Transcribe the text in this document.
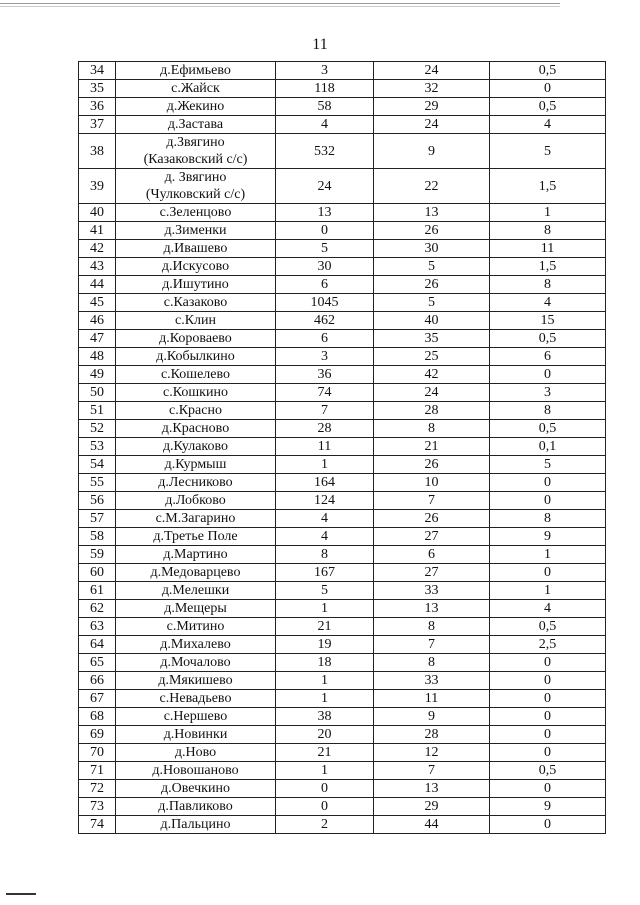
11
34	д.Ефимьево	3	24	0,5
35	с.Жайск	118	32	0
36	д.Жекино	58	29	0,5
37	д.Застава	4	24	4
38	д.Звягино
(Казаковский с/с)	532	9	5
39	д. Звягино
(Чулковский с/с)	24	22	1,5
40	с.Зеленцово	13	13	1
41	д.Зименки	0	26	8
42	д.Ивашево	5	30	11
43	д.Искусово	30	5	1,5
44	д.Ишутино	6	26	8
45	с.Казаково	1045	5	4
46	с.Клин	462	40	15
47	д.Короваево	6	35	0,5
48	д.Кобылкино	3	25	6
49	с.Кошелево	36	42	0
50	с.Кошкино	74	24	3
51	с.Красно	7	28	8
52	д.Красново	28	8	0,5
53	д.Кулаково	11	21	0,1
54	д.Курмыш	1	26	5
55	д.Лесниково	164	10	0
56	д.Лобково	124	7	0
57	с.М.Загарино	4	26	8
58	д.Третье Поле	4	27	9
59	д.Мартино	8	6	1
60	д.Медоварцево	167	27	0
61	д.Мелешки	5	33	1
62	д.Мещеры	1	13	4
63	с.Митино	21	8	0,5
64	д.Михалево	19	7	2,5
65	д.Мочалово	18	8	0
66	д.Мякишево	1	33	0
67	с.Невадьево	1	11	0
68	с.Нершево	38	9	0
69	д.Новинки	20	28	0
70	д.Ново	21	12	0
71	д.Новошаново	1	7	0,5
72	д.Овечкино	0	13	0
73	д.Павликово	0	29	9
74	д.Пальцино	2	44	0
